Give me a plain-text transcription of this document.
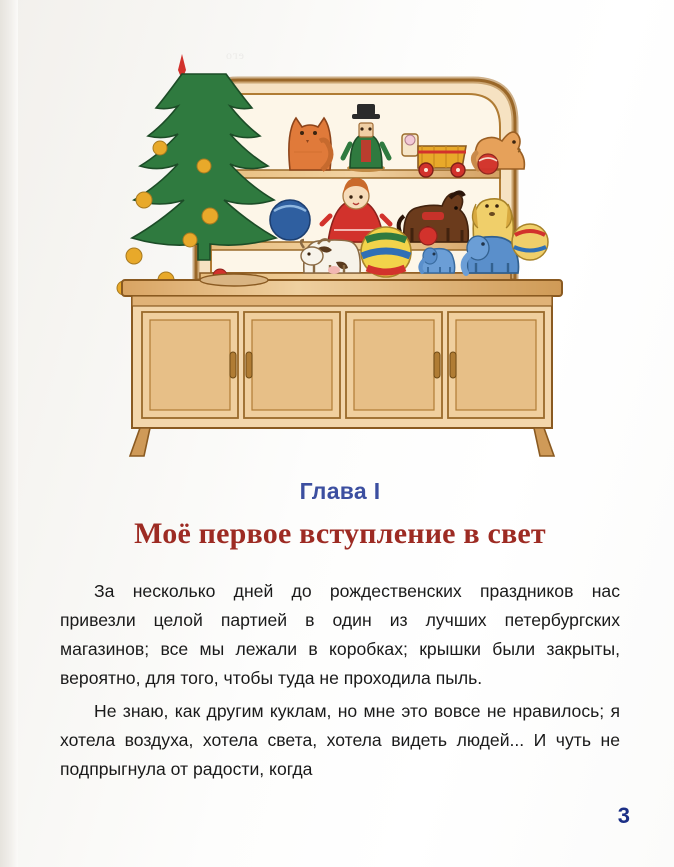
его
Глава I
Моё первое вступление в свет

За несколько дней до рождественских праздников нас привезли целой партией в один из лучших петербургских магазинов; все мы лежали в коробках; крышки были закрыты, вероятно, для того, чтобы туда не проходила пыль.

Не знаю, как другим куклам, но мне это вовсе не нравилось; я хотела воздуха, хотела света, хотела видеть людей... И чуть не подпрыгнула от радости, когда

3
